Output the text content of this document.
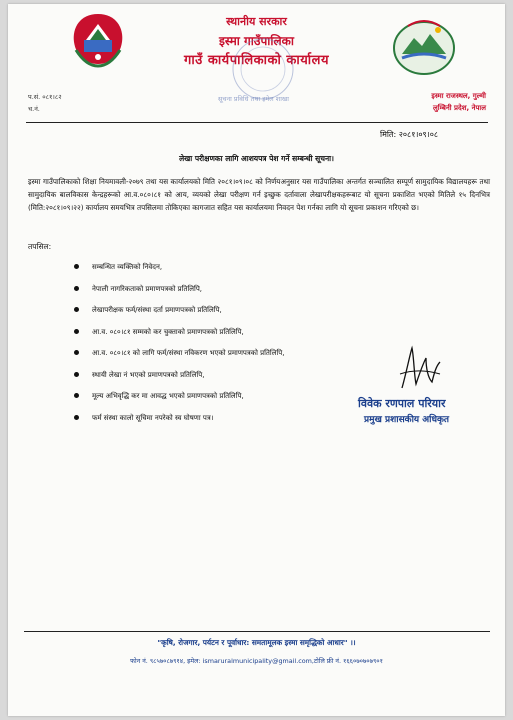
स्थानीय सरकार
इस्मा गाउँपालिका
गाउँ कार्यपालिकाको कार्यालय
सूचना प्रविधि तथा इमेल शाखा
प.सं. ०८१।८२
च.नं.
इस्मा राजस्थल, गुल्मी
लुम्बिनी प्रदेश, नेपाल
मिति: २०८१।०९।०८
लेखा परीक्षणका लागि आशयपत्र पेश गर्ने सम्बन्धी सूचना।
इस्मा गाउँपालिकाको शिक्षा नियमावली-२०७९ तथा यस कार्यालयको मिति २०८१।०९।०८ को निर्णयअनुसार यस गाउँपालिका अन्तर्गत सञ्चालित सम्पूर्ण सामुदायिक विद्यालयहरू तथा सामुदायिक बालविकास केन्द्रहरूको आ.व.०८०।८१ को आय, व्ययको लेखा परीक्षण गर्न इच्छुक दर्तावाला लेखापरीक्षकहरूबाट यो सूचना प्रकाशित भएको मितिले १५ दिनभित्र (मिति:२०८१।०९।२२) कार्यालय समयभित्र तपसिलमा तोकिएका कागजात सहित यस कार्यालयमा निवदन पेश गर्नका लागि यो सूचना प्रकाशन गरिएको छ।
तपसिल:
सम्बन्धित व्यक्तिको निवेदन,
नेपाली नागरिकताको प्रमाणपत्रको प्रतिलिपि,
लेखापरीक्षक फर्म/संस्था दर्ता प्रमाणपत्रको प्रतिलिपि,
आ.व. ०८०।८१ सम्मको कर चुक्ताको प्रमाणपत्रको प्रतिलिपि,
आ.व. ०८०।८१ को लागि फर्म/संस्था नविकरण भएको प्रमाणपत्रको प्रतिलिपि,
स्थायी लेखा नं भएको प्रमाणपत्रको प्रतिलिपि,
मूल्य अभिवृद्धि कर मा आवद्ध भएको प्रमाणपत्रको प्रतिलिपि,
फर्म संस्था कालो सूचिमा नपरेको स्व घोषणा पत्र।
विवेक रणपाल परियार
प्रमुख प्रशासकीय अधिकृत
"कृषि, रोजगार, पर्यटन र पूर्वाधार: समतामूलक इस्मा समृद्धिको आधार" ।।
फोन नं. ९८५७०८७९१४, इमेल: ismaruralmunicipality@gmail.com,टोलि फ्री नं. १६६०७०७०७९०१
